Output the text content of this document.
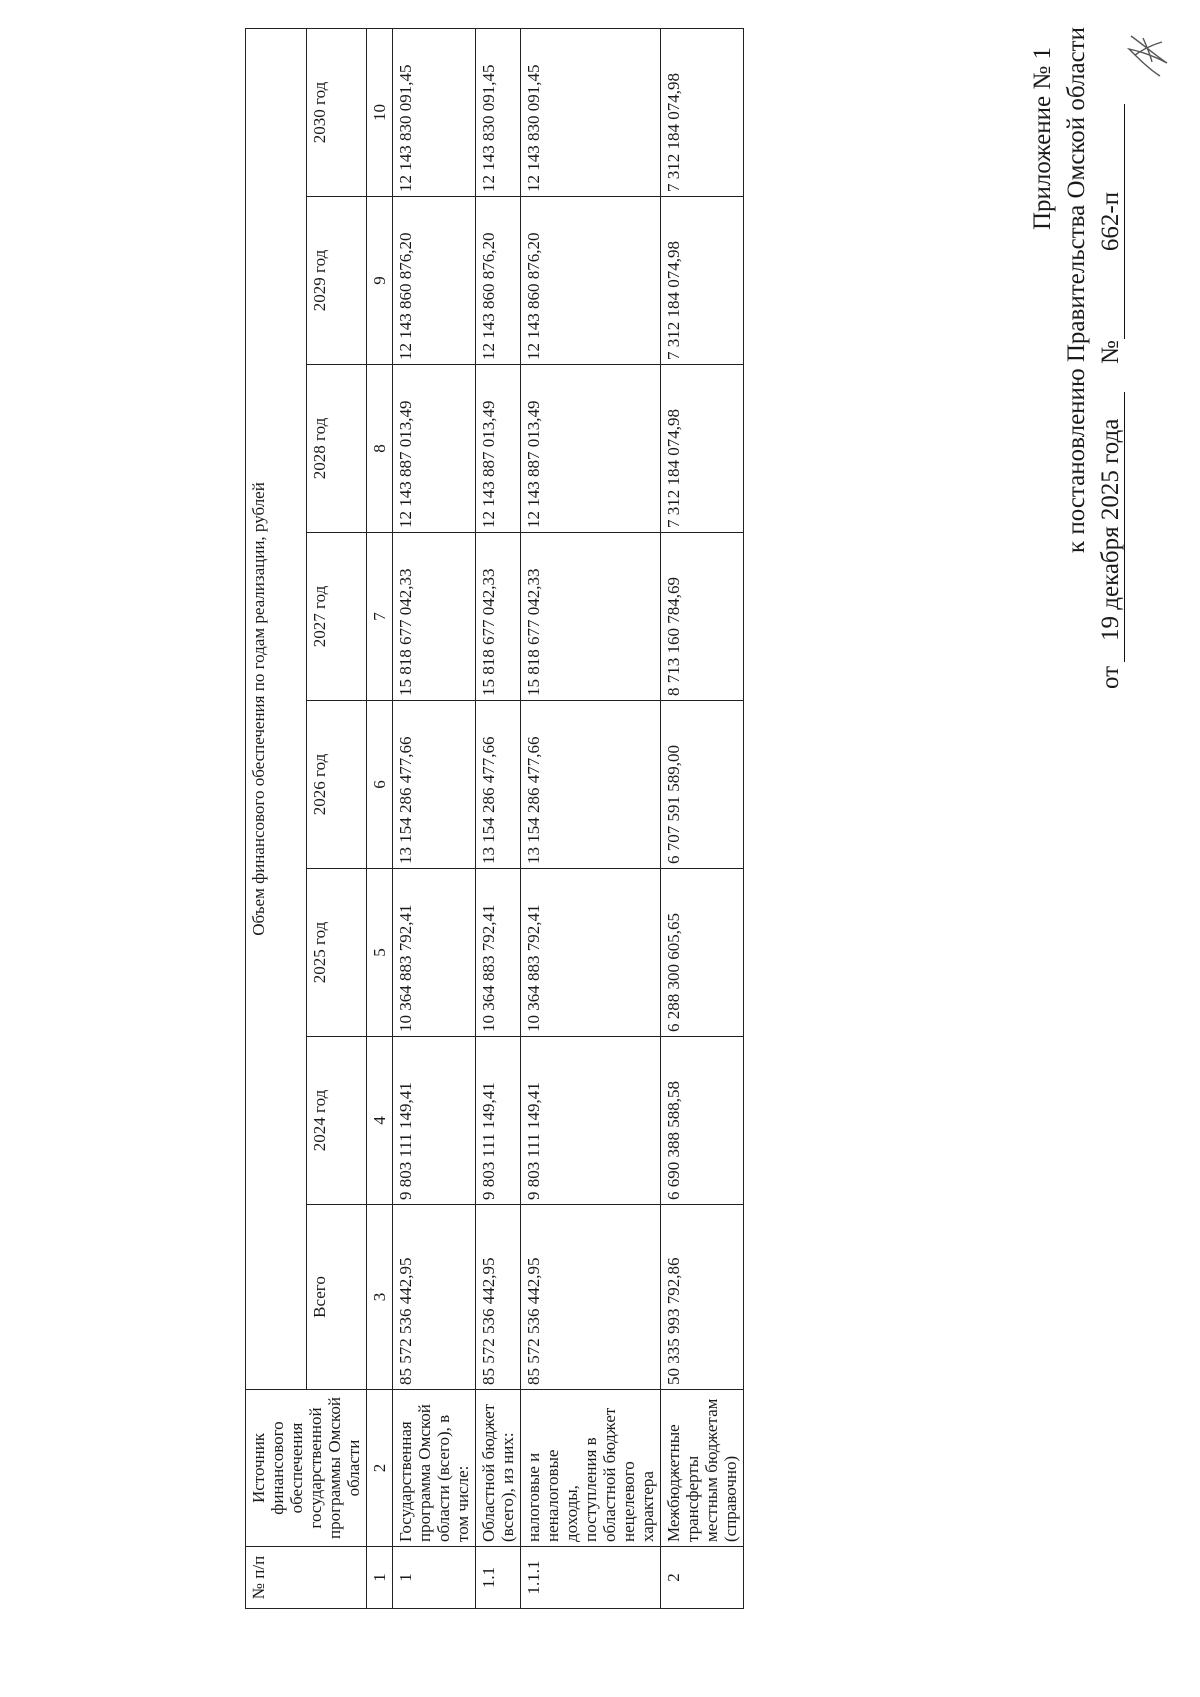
Приложение № 1 к постановлению Правительства Омской области
от
19 декабря 2025 года
№
662-п
№ п/п	Источник финансового обеспечения государственной программы Омской области	Объем финансового обеспечения по годам реализации, рублей							
		Всего	2024 год	2025 год	2026 год	2027 год	2028 год	2029 год	2030 год
1	2	3	4	5	6	7	8	9	10
1	Государственная программа Омской области (всего), в том числе:	85 572 536 442,95	9 803 111 149,41	10 364 883 792,41	13 154 286 477,66	15 818 677 042,33	12 143 887 013,49	12 143 860 876,20	12 143 830 091,45
1.1	Областной бюджет (всего), из них:	85 572 536 442,95	9 803 111 149,41	10 364 883 792,41	13 154 286 477,66	15 818 677 042,33	12 143 887 013,49	12 143 860 876,20	12 143 830 091,45
1.1.1	налоговые и неналоговые доходы, поступления в областной бюджет нецелевого характера	85 572 536 442,95	9 803 111 149,41	10 364 883 792,41	13 154 286 477,66	15 818 677 042,33	12 143 887 013,49	12 143 860 876,20	12 143 830 091,45
2	Межбюджетные трансферты местным бюджетам (справочно)	50 335 993 792,86	6 690 388 588,58	6 288 300 605,65	6 707 591 589,00	8 713 160 784,69	7 312 184 074,98	7 312 184 074,98	7 312 184 074,98
